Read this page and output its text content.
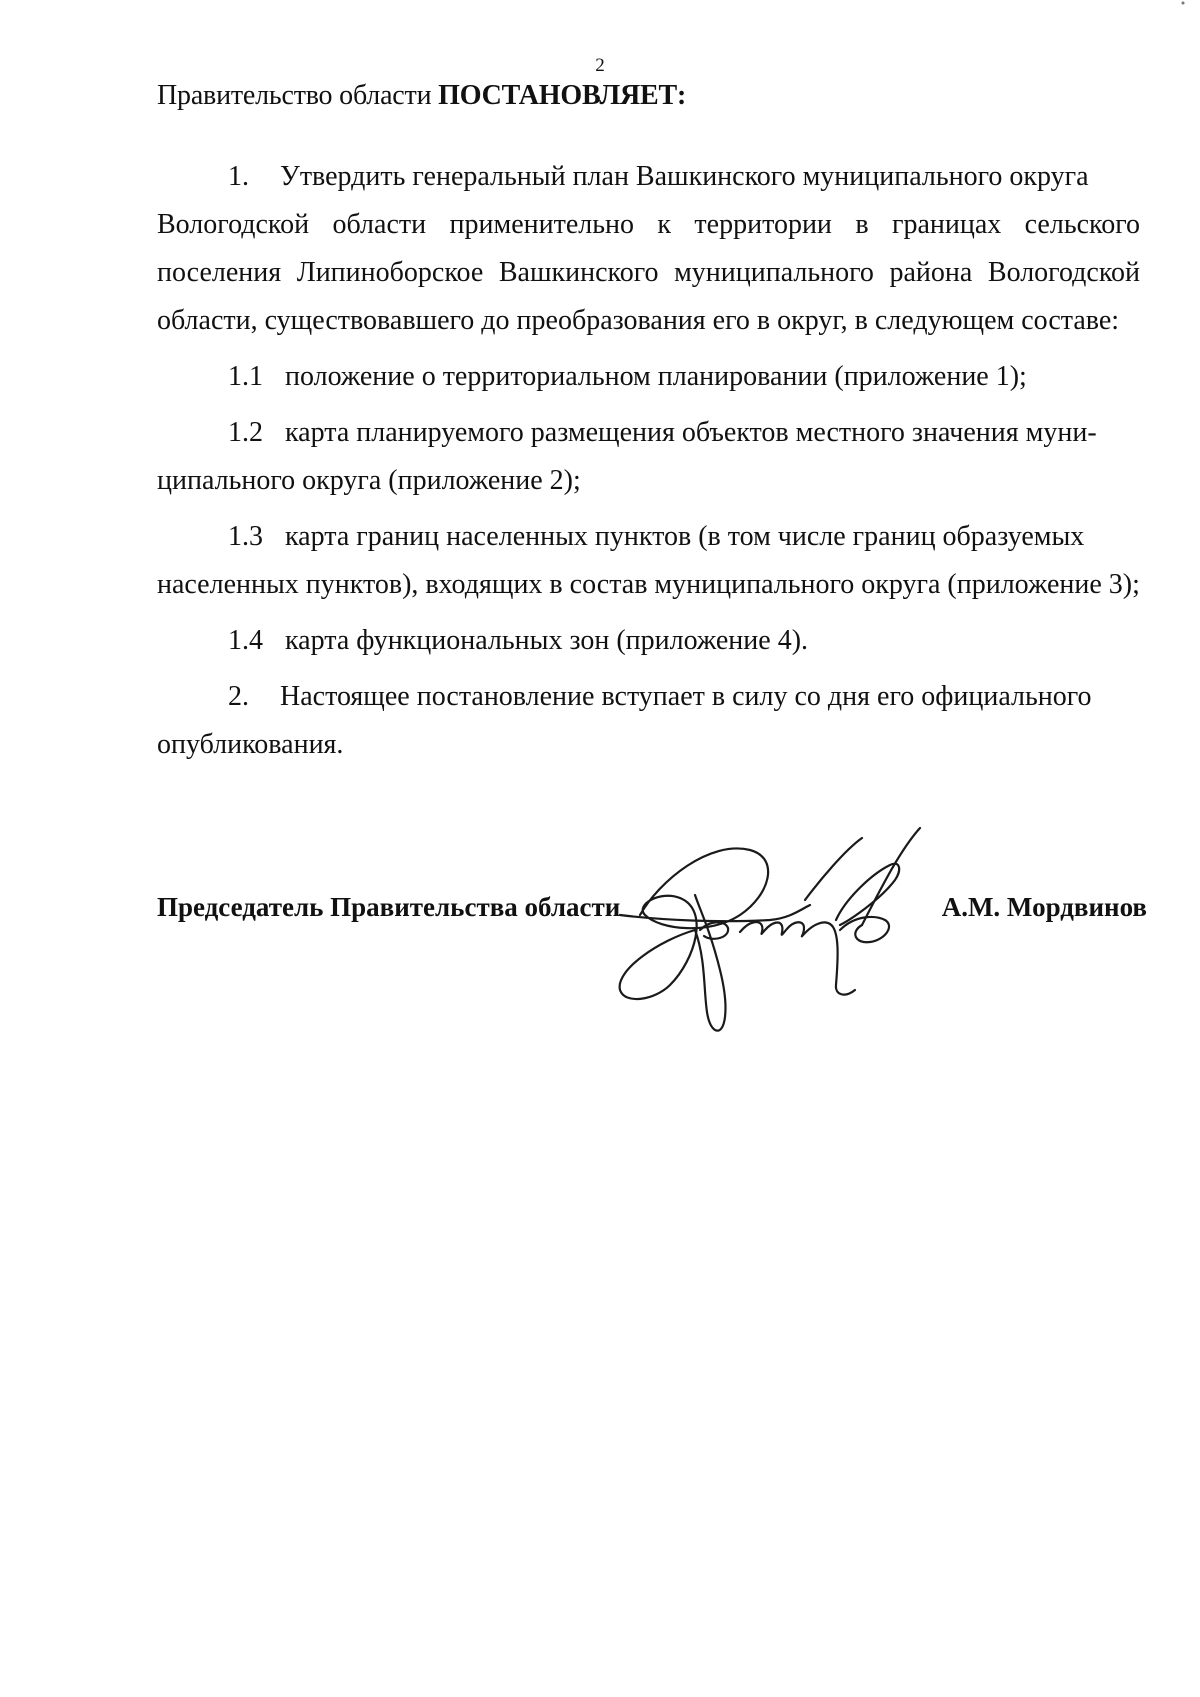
2
Правительство области ПОСТАНОВЛЯЕТ:
1. Утвердить генеральный план Вашкинского муниципального округа
Вологодской области применительно к территории в границах сельского поселения Липиноборское Вашкинского муниципального района Вологодской области, существовавшего до преобразования его в округ, в следующем составе:
1.1 положение о территориальном планировании (приложение 1);
1.2 карта планируемого размещения объектов местного значения муни-
ципального округа (приложение 2);
1.3 карта границ населенных пунктов (в том числе границ образуемых
населенных пунктов), входящих в состав муниципального округа (приложение 3);
1.4 карта функциональных зон (приложение 4).
2. Настоящее постановление вступает в силу со дня его официального
опубликования.
Председатель Правительства области	А.М. Мордвинов
